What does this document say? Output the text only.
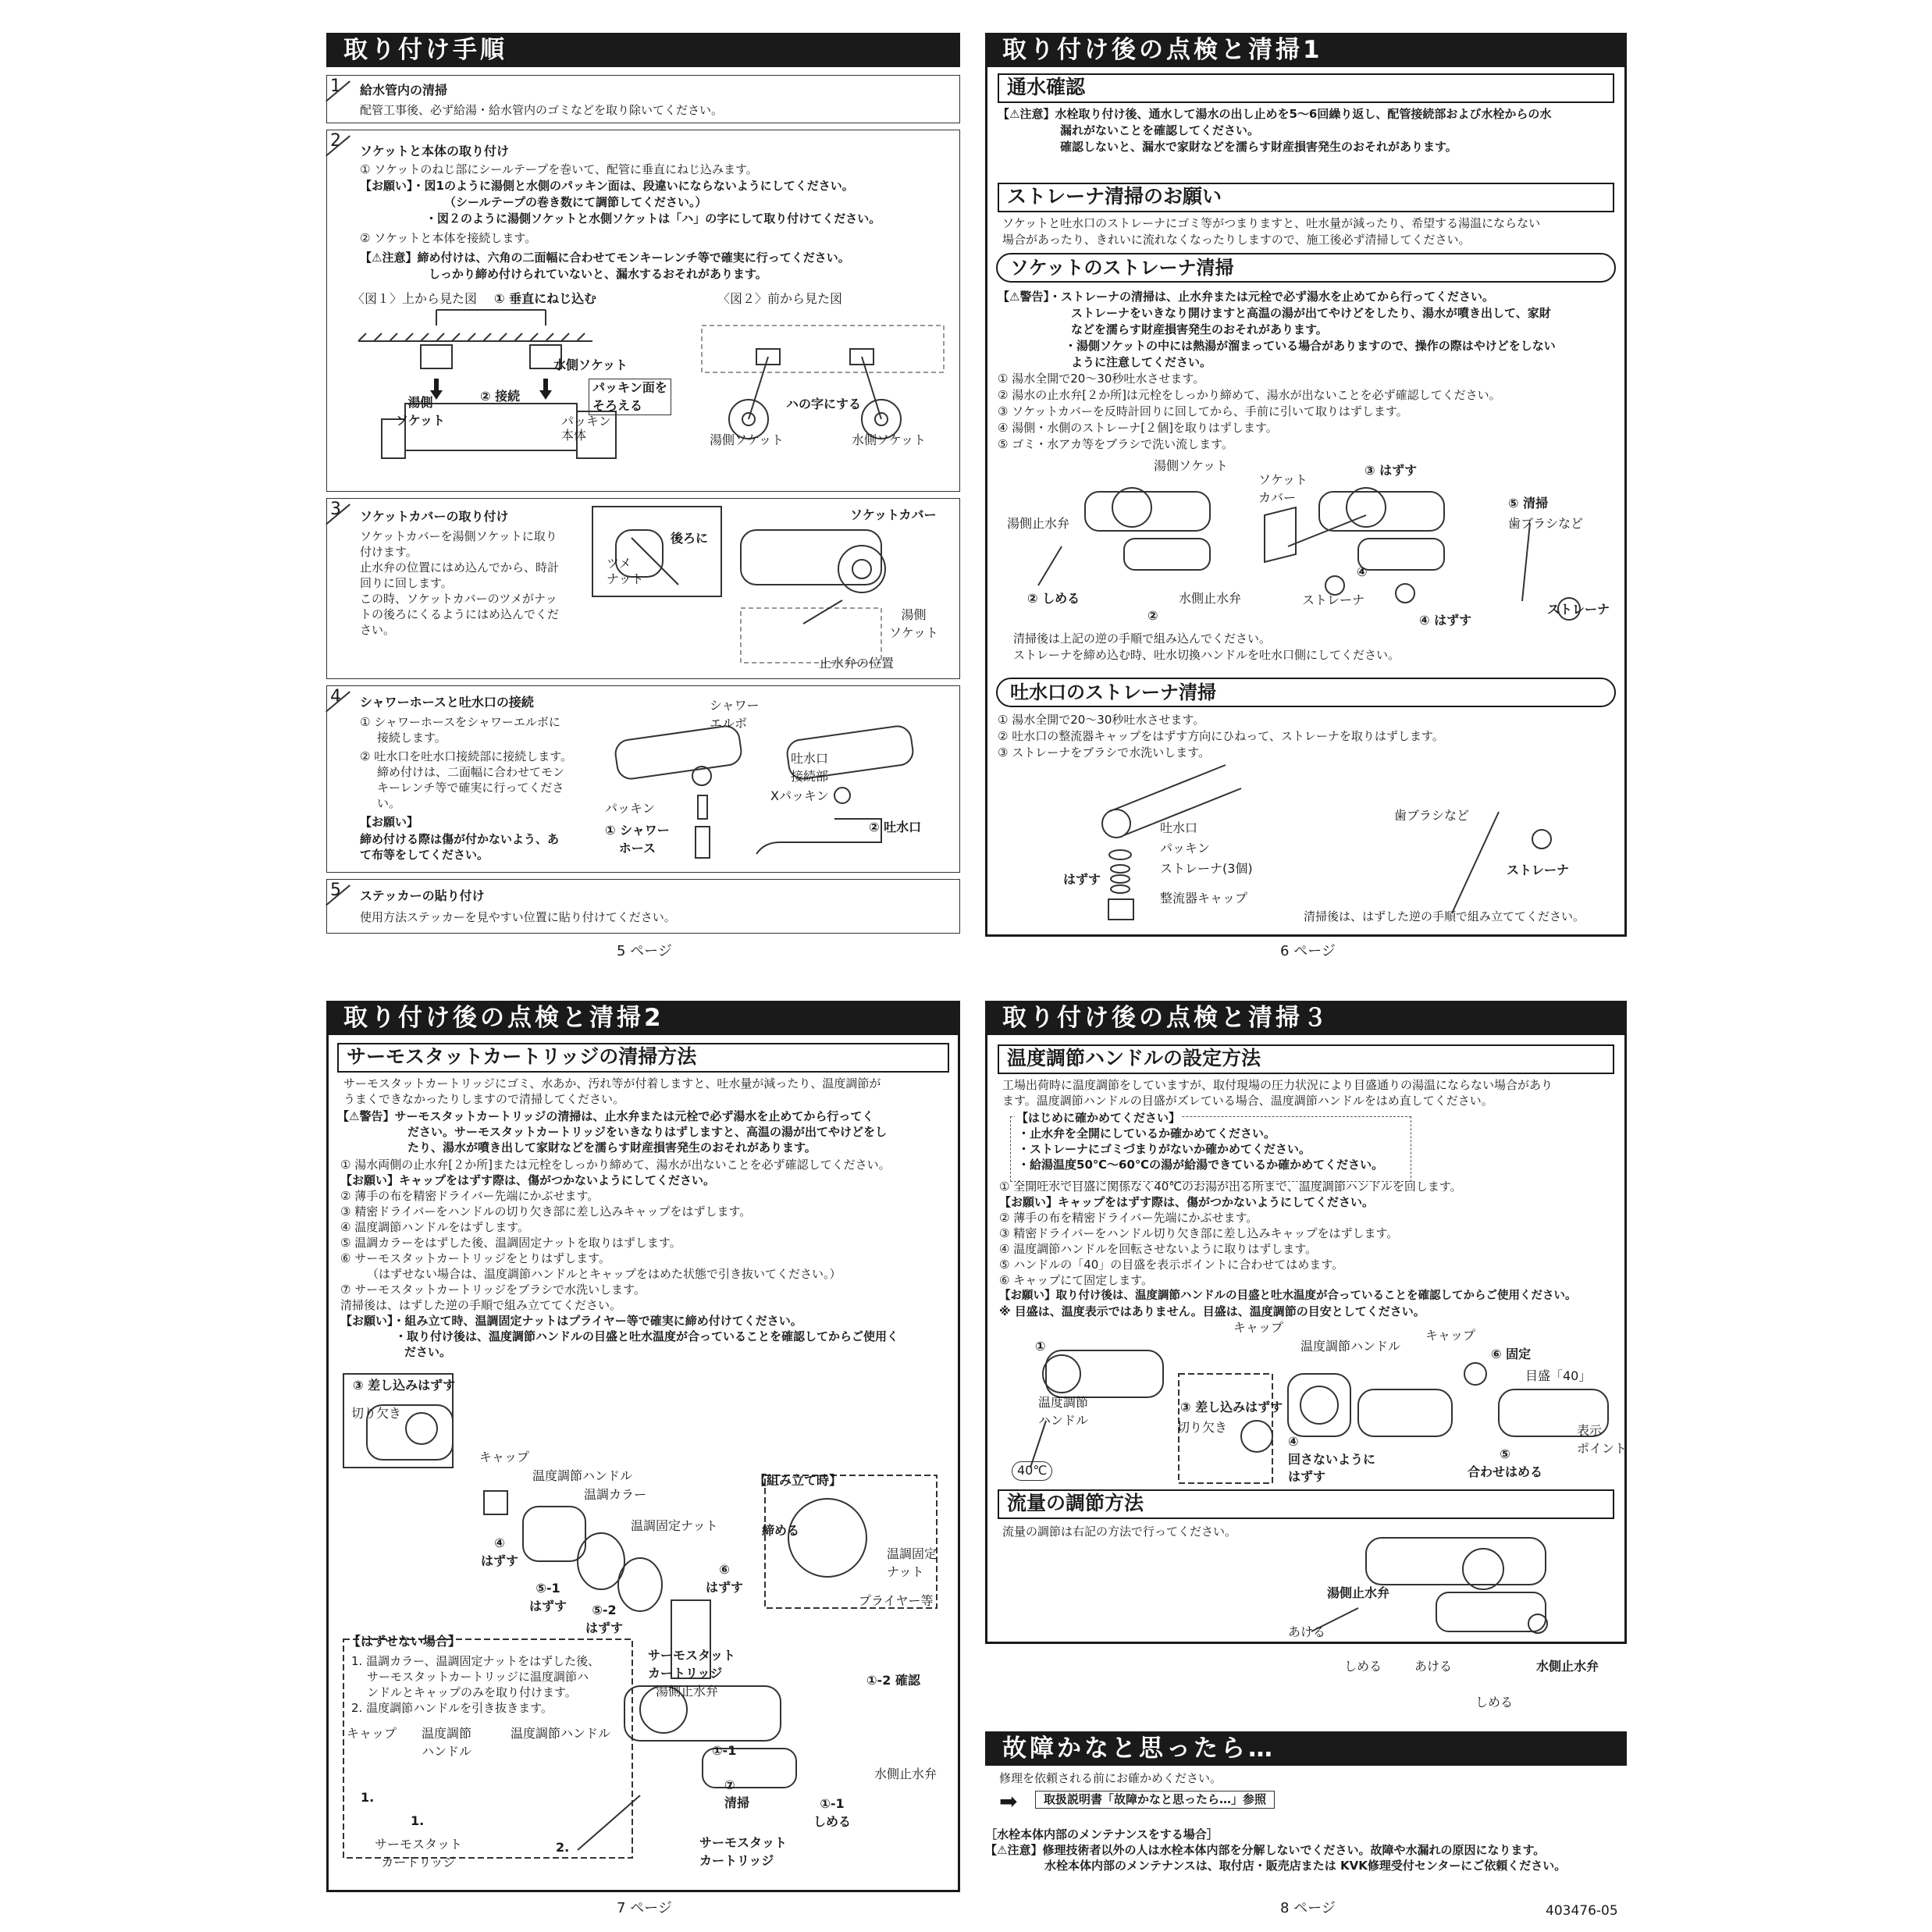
取り付け手順
1	給水管内の清掃
配管工事後、必ず給湯・給水管内のゴミなどを取り除いてください。
2
ソケットと本体の取り付け
① ソケットのねじ部にシールテープを巻いて、配管に垂直にねじ込みます。
【お願い】・図1のように湯側と水側のパッキン面は、段違いにならないようにしてください。
（シールテープの巻き数にて調節してください。）
・図２のように湯側ソケットと水側ソケットは「ハ」の字にして取り付けてください。
② ソケットと本体を接続します。
【⚠注意】締め付けは、六角の二面幅に合わせてモンキーレンチ等で確実に行ってください。
しっかり締め付けられていないと、漏水するおそれがあります。
〈図１〉上から見た図 ① 垂直にねじ込む	〈図２〉前から見た図
水側ソケット
パッキン面を
そろえる
湯側
ソケット
② 接続
パッキン
本体
ハの字にする
湯側ソケット	水側ソケット
3	ソケットカバーの取り付け
ソケットカバーを湯側ソケットに取り
付けます。
止水弁の位置にはめ込んでから、時計
回りに回します。
この時、ソケットカバーのツメがナッ
トの後ろにくるようにはめ込んでくだ
さい。
後ろに
ツメ
ナット
ソケットカバー
湯側
ソケット
止水弁の位置
4	シャワーホースと吐水口の接続
① シャワーホースをシャワーエルボに
接続します。
② 吐水口を吐水口接続部に接続します。
締め付けは、二面幅に合わせてモン
キーレンチ等で確実に行ってくださ
い。
【お願い】
締め付ける際は傷が付かないよう、あ
て布等をしてください。
シャワー
エルボ
吐水口
接続部
Xパッキン
パッキン
① シャワー
ホース
② 吐水口
5	ステッカーの貼り付け
使用方法ステッカーを見やすい位置に貼り付けてください。
5 ページ
取り付け後の点検と清掃1
通水確認
【⚠注意】水栓取り付け後、通水して湯水の出し止めを5〜6回繰り返し、配管接続部および水栓からの水
漏れがないことを確認してください。
確認しないと、漏水で家財などを濡らす財産損害発生のおそれがあります。
ストレーナ清掃のお願い
ソケットと吐水口のストレーナにゴミ等がつまりますと、吐水量が減ったり、希望する湯温にならない
場合があったり、きれいに流れなくなったりしますので、施工後必ず清掃してください。
ソケットのストレーナ清掃
【⚠警告】・ストレーナの清掃は、止水弁または元栓で必ず湯水を止めてから行ってください。
ストレーナをいきなり開けますと高温の湯が出てやけどをしたり、湯水が噴き出して、家財
などを濡らす財産損害発生のおそれがあります。
・湯側ソケットの中には熱湯が溜まっている場合がありますので、操作の際はやけどをしない
ように注意してください。
① 湯水全開で20〜30秒吐水させます。
② 湯水の止水弁[２か所]は元栓をしっかり締めて、湯水が出ないことを必ず確認してください。
③ ソケットカバーを反時計回りに回してから、手前に引いて取りはずします。
④ 湯側・水側のストレーナ[２個]を取りはずします。
⑤ ゴミ・水アカ等をブラシで洗い流します。
湯側ソケット
ソケット
カバー
③ はずす
⑤ 清掃
歯ブラシなど
湯側止水弁
② しめる
②
水側止水弁	ストレーナ
④ はずす
④
ストレーナ
清掃後は上記の逆の手順で組み込んでください。
ストレーナを締め込む時、吐水切換ハンドルを吐水口側にしてください。
吐水口のストレーナ清掃
① 湯水全開で20〜30秒吐水させます。
② 吐水口の整流器キャップをはずす方向にひねって、ストレーナを取りはずします。
③ ストレーナをブラシで水洗いします。
吐水口
パッキン
ストレーナ(3個)
はずす
整流器キャップ
歯ブラシなど
ストレーナ
清掃後は、はずした逆の手順で組み立ててください。
6 ページ
取り付け後の点検と清掃2
サーモスタットカートリッジの清掃方法
サーモスタットカートリッジにゴミ、水あか、汚れ等が付着しますと、吐水量が減ったり、温度調節が
うまくできなかったりしますので清掃してください。
【⚠警告】サーモスタットカートリッジの清掃は、止水弁または元栓で必ず湯水を止めてから行ってく
ださい。サーモスタットカートリッジをいきなりはずしますと、高温の湯が出てやけどをし
たり、湯水が噴き出して家財などを濡らす財産損害発生のおそれがあります。
① 湯水両側の止水弁[２か所]または元栓をしっかり締めて、湯水が出ないことを必ず確認してください。
【お願い】キャップをはずす際は、傷がつかないようにしてください。
② 薄手の布を精密ドライバー先端にかぶせます。
③ 精密ドライバーをハンドルの切り欠き部に差し込みキャップをはずします。
④ 温度調節ハンドルをはずします。
⑤ 温調カラーをはずした後、温調固定ナットを取りはずします。
⑥ サーモスタットカートリッジをとりはずします。
（はずせない場合は、温度調節ハンドルとキャップをはめた状態で引き抜いてください。）
⑦ サーモスタットカートリッジをブラシで水洗いします。
清掃後は、はずした逆の手順で組み立ててください。
【お願い】・組み立て時、温調固定ナットはプライヤー等で確実に締め付けてください。
・取り付け後は、温度調節ハンドルの目盛と吐水温度が合っていることを確認してからご使用く
ださい。
③ 差し込みはずす
切り欠き
キャップ
温度調節ハンドル
温調カラー
温調固定ナット
【組み立て時】
締める
温調固定
ナット
プライヤー等
④
はずす
⑤-1
はずす	⑤-2
はずす
⑥
はずす
【はずせない場合】
1. 温調カラー、温調固定ナットをはずした後、
サーモスタットカートリッジに温度調節ハ
ンドルとキャップのみを取り付けます。
2. 温度調節ハンドルを引き抜きます。
サーモスタット
カートリッジ
湯側止水弁
①-2 確認
水側止水弁
①-1
①-1
しめる
⑦
清掃
サーモスタット
カートリッジ
キャップ 温度調節
ハンドル
温度調節ハンドル
1.
1.
2.
サーモスタット
カートリッジ
7 ページ
取り付け後の点検と清掃３
温度調節ハンドルの設定方法
工場出荷時に温度調節をしていますが、取付現場の圧力状況により目盛通りの湯温にならない場合があり
ます。温度調節ハンドルの目盛がズレている場合、温度調節ハンドルをはめ直してください。
【はじめに確かめてください】
・止水弁を全開にしているか確かめてください。
・ストレーナにゴミづまりがないか確かめてください。
・給湯温度50℃〜60℃の湯が給湯できているか確かめてください。
① 全開吐水で目盛に関係なく40℃のお湯が出る所まで、温度調節ハンドルを回します。
【お願い】キャップをはずす際は、傷がつかないようにしてください。
② 薄手の布を精密ドライバー先端にかぶせます。
③ 精密ドライバーをハンドル切り欠き部に差し込みキャップをはずします。
④ 温度調節ハンドルを回転させないように取りはずします。
⑤ ハンドルの「40」の目盛を表示ポイントに合わせてはめます。
⑥ キャップにて固定します。
【お願い】取り付け後は、温度調節ハンドルの目盛と吐水温度が合っていることを確認してからご使用ください。
※ 目盛は、温度表示ではありません。目盛は、温度調節の目安としてください。
①
キャップ
温度調節ハンドル
キャップ
⑥ 固定
目盛「40」
温度調節
ハンドル
③ 差し込みはずす
切り欠き	表示
ポイント
40℃
④
回さないように
はずす
⑤
合わせはめる
流量の調節方法
流量の調節は右記の方法で行ってください。
湯側止水弁
あける
しめる	あける	水側止水弁
しめる
故障かなと思ったら…
修理を依頼される前にお確かめください。
➡	取扱説明書「故障かなと思ったら…」参照
［水栓本体内部のメンテナンスをする場合］
【⚠注意】修理技術者以外の人は水栓本体内部を分解しないでください。故障や水漏れの原因になります。
水栓本体内部のメンテナンスは、取付店・販売店または KVK修理受付センターにご依頼ください。
8 ページ	403476-05
